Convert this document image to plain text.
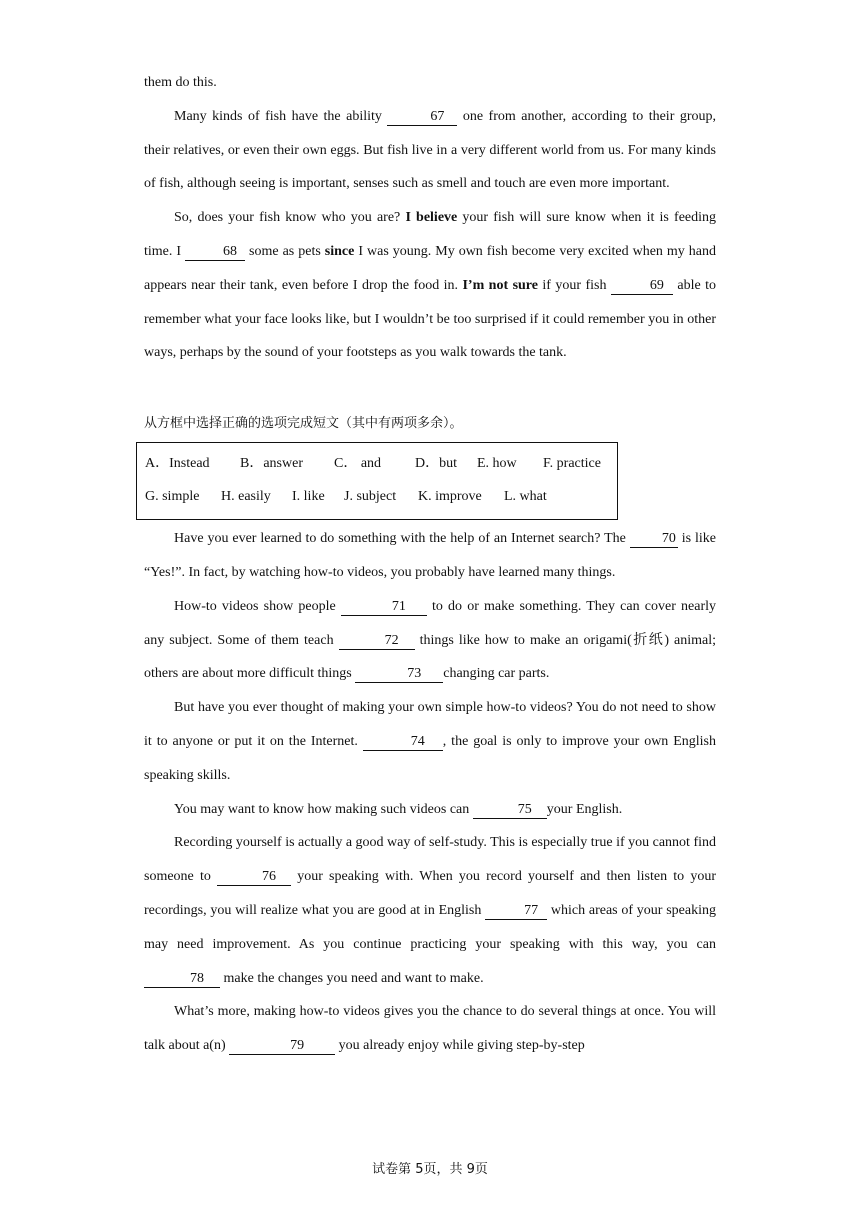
them do this.

Many kinds of fish have the ability	67 one from another, according to their group, their relatives, or even their own eggs. But fish live in a very different world from us. For many kinds of fish, although seeing is important, senses such as smell and touch are even more important.

So, does your fish know who you are? I believe your fish will sure know when it is feeding time. I	68 some as pets since I was young. My own fish become very excited when my hand appears near their tank, even before I drop the food in. I’m not sure if your fish	69 able to remember what your face looks like, but I wouldn’t be too surprised if it could remember you in other ways, perhaps by the sound of your footsteps as you walk towards the tank.

从方框中选择正确的选项完成短文（其中有两项多余）。
A．Instead B．answer C． and D．but E. how F. practice
G. simple H. easily I. like J. subject K. improve L. what

Have you ever learned to do something with the help of an Internet search? The 70 is like “Yes!”. In fact, by watching how-to videos, you probably have learned many things.

How-to videos show people	71 to do or make something. They can cover nearly any subject. Some of them teach	72 things like how to make an origami(折纸) animal; others are about more difficult things	73 changing car parts.

But have you ever thought of making your own simple how-to videos? You do not need to show it to anyone or put it on the Internet.	74 , the goal is only to improve your own English speaking skills.

You may want to know how making such videos can	75 your English.

Recording yourself is actually a good way of self-study. This is especially true if you cannot find someone to	76 your speaking with. When you record yourself and then listen to your recordings, you will realize what you are good at in English	77 which areas of your speaking may need improvement. As you continue practicing your speaking with this way, you can 78 make the changes you need and want to make.

What’s more, making how-to videos gives you the chance to do several things at once. You will talk about a(n)	79 you already enjoy while giving step-by-step

试卷第 5页，共 9页
